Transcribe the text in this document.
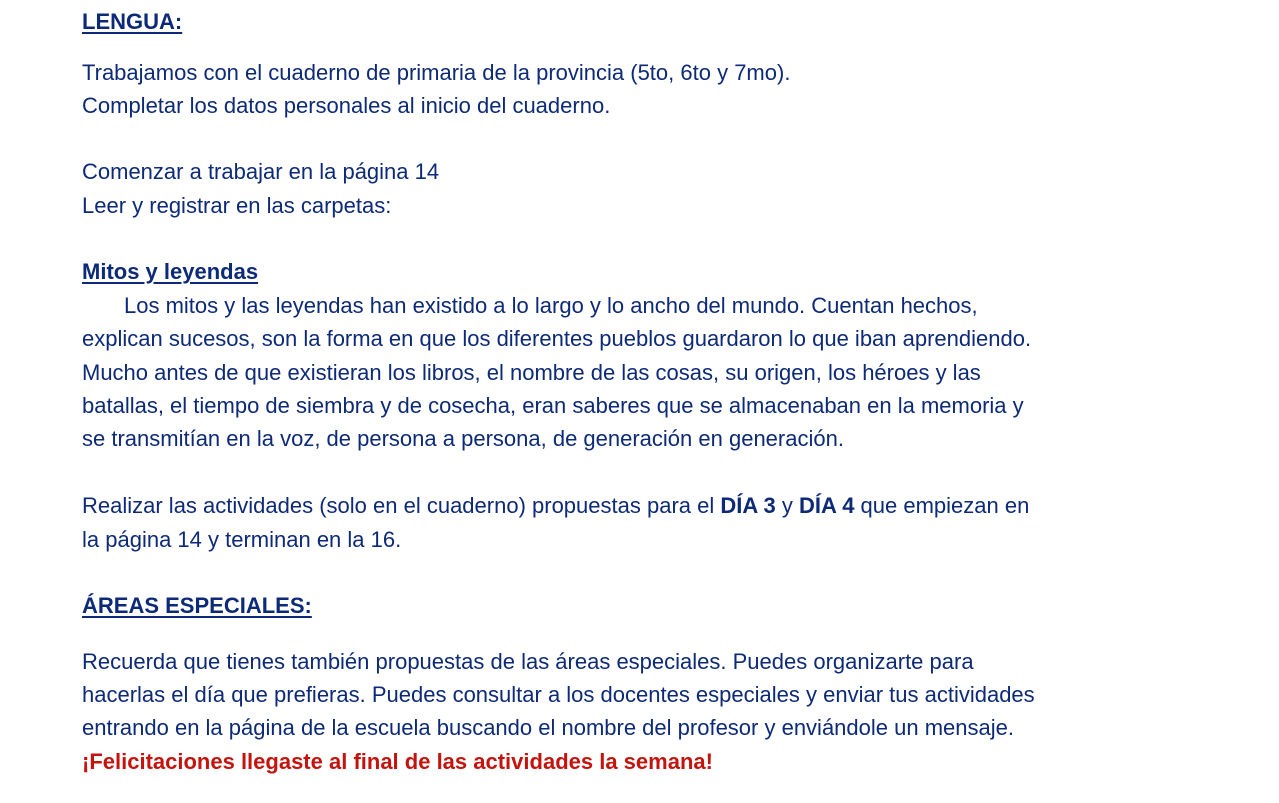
LENGUA:
Trabajamos con el cuaderno de primaria de la provincia (5to, 6to y 7mo).
Completar los datos personales al inicio del cuaderno.
Comenzar a trabajar en la página 14
Leer y registrar en las carpetas:
Mitos y leyendas
Los mitos y las leyendas han existido a lo largo y lo ancho del mundo. Cuentan hechos,
explican sucesos, son la forma en que los diferentes pueblos guardaron lo que iban aprendiendo.
Mucho antes de que existieran los libros, el nombre de las cosas, su origen, los héroes y las
batallas, el tiempo de siembra y de cosecha, eran saberes que se almacenaban en la memoria y
se transmitían en la voz, de persona a persona, de generación en generación.
Realizar las actividades (solo en el cuaderno) propuestas para el DÍA 3 y DÍA 4 que empiezan en
la página 14 y terminan en la 16.
ÁREAS ESPECIALES:
Recuerda que tienes también propuestas de las áreas especiales. Puedes organizarte para
hacerlas el día que prefieras. Puedes consultar a los docentes especiales y enviar tus actividades
entrando en la página de la escuela buscando el nombre del profesor y enviándole un mensaje.
¡Felicitaciones llegaste al final de las actividades la semana!
